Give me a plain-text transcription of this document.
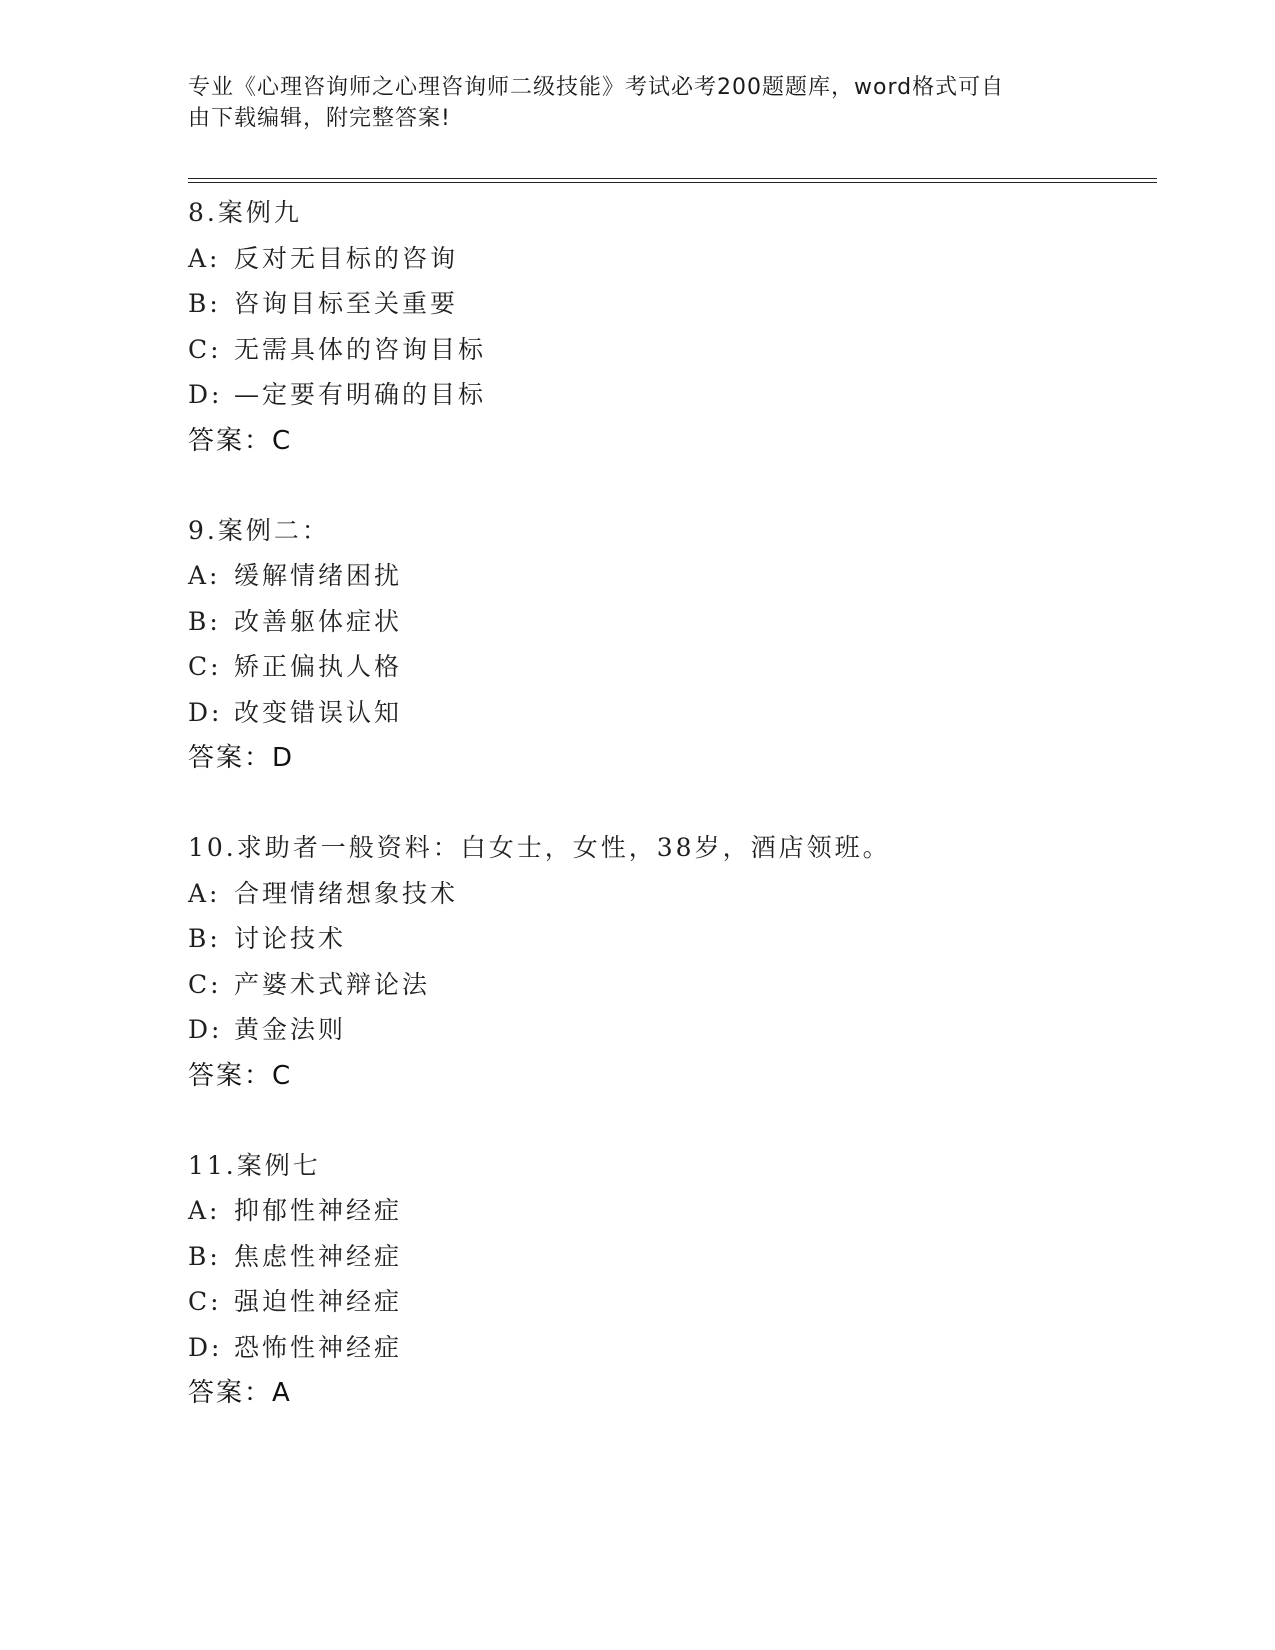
专业《心理咨询师之心理咨询师二级技能》考试必考200题题库，word格式可自
由下载编辑，附完整答案!
8.案例九
A: 反对无目标的咨询
B: 咨询目标至关重要
C: 无需具体的咨询目标
D: —定要有明确的目标
答案：C
9.案例二：
A: 缓解情绪困扰
B: 改善躯体症状
C: 矫正偏执人格
D: 改变错误认知
答案：D
10.求助者一般资料：白女士，女性，38岁，酒店领班。
A: 合理情绪想象技术
B: 讨论技术
C: 产婆术式辩论法
D: 黄金法则
答案：C
11.案例七
A: 抑郁性神经症
B: 焦虑性神经症
C: 强迫性神经症
D: 恐怖性神经症
答案：A
